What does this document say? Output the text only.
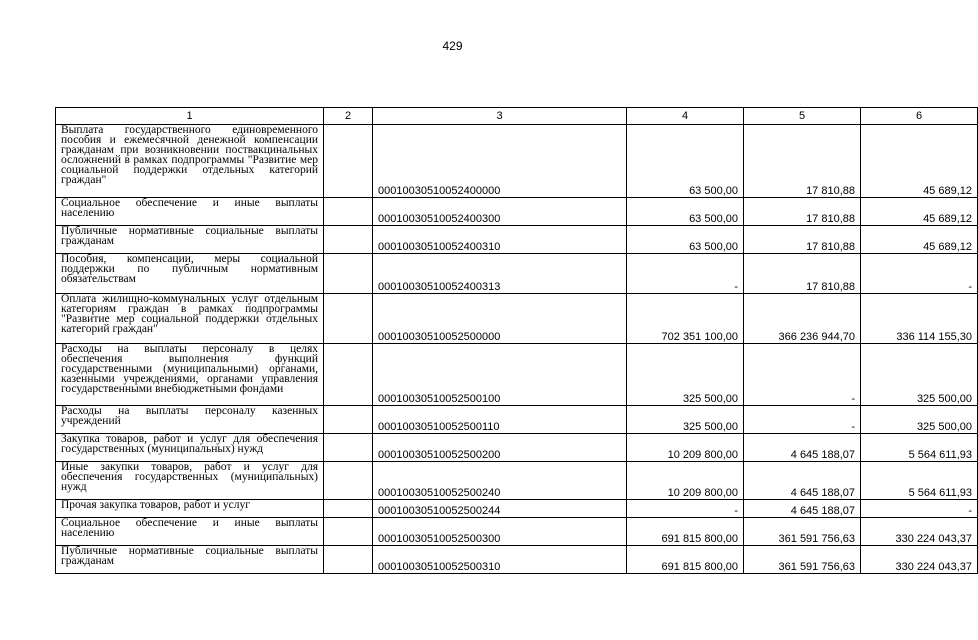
429
1	2	3	4	5	6
Выплата государственного единовременного пособия и ежемесячной денежной компенсации гражданам при возникновении поствакцинальных осложнений в рамках подпрограммы "Развитие мер социальной поддержки отдельных категорий граждан"		00010030510052400000	63 500,00	17 810,88	45 689,12
Социальное обеспечение и иные выплаты населению		00010030510052400300	63 500,00	17 810,88	45 689,12
Публичные нормативные социальные выплаты гражданам		00010030510052400310	63 500,00	17 810,88	45 689,12
Пособия, компенсации, меры социальной поддержки по публичным нормативным обязательствам		00010030510052400313	-	17 810,88	-
Оплата жилищно-коммунальных услуг отдельным категориям граждан в рамках подпрограммы "Развитие мер социальной поддержки отдельных категорий граждан"		00010030510052500000	702 351 100,00	366 236 944,70	336 114 155,30
Расходы на выплаты персоналу в целях обеспечения выполнения функций государственными (муниципальными) органами, казенными учреждениями, органами управления государственными внебюджетными фондами		00010030510052500100	325 500,00	-	325 500,00
Расходы на выплаты персоналу казенных учреждений		00010030510052500110	325 500,00	-	325 500,00
Закупка товаров, работ и услуг для обеспечения государственных (муниципальных) нужд		00010030510052500200	10 209 800,00	4 645 188,07	5 564 611,93
Иные закупки товаров, работ и услуг для обеспечения государственных (муниципальных) нужд		00010030510052500240	10 209 800,00	4 645 188,07	5 564 611,93
Прочая закупка товаров, работ и услуг		00010030510052500244	-	4 645 188,07	-
Социальное обеспечение и иные выплаты населению		00010030510052500300	691 815 800,00	361 591 756,63	330 224 043,37
Публичные нормативные социальные выплаты гражданам		00010030510052500310	691 815 800,00	361 591 756,63	330 224 043,37
